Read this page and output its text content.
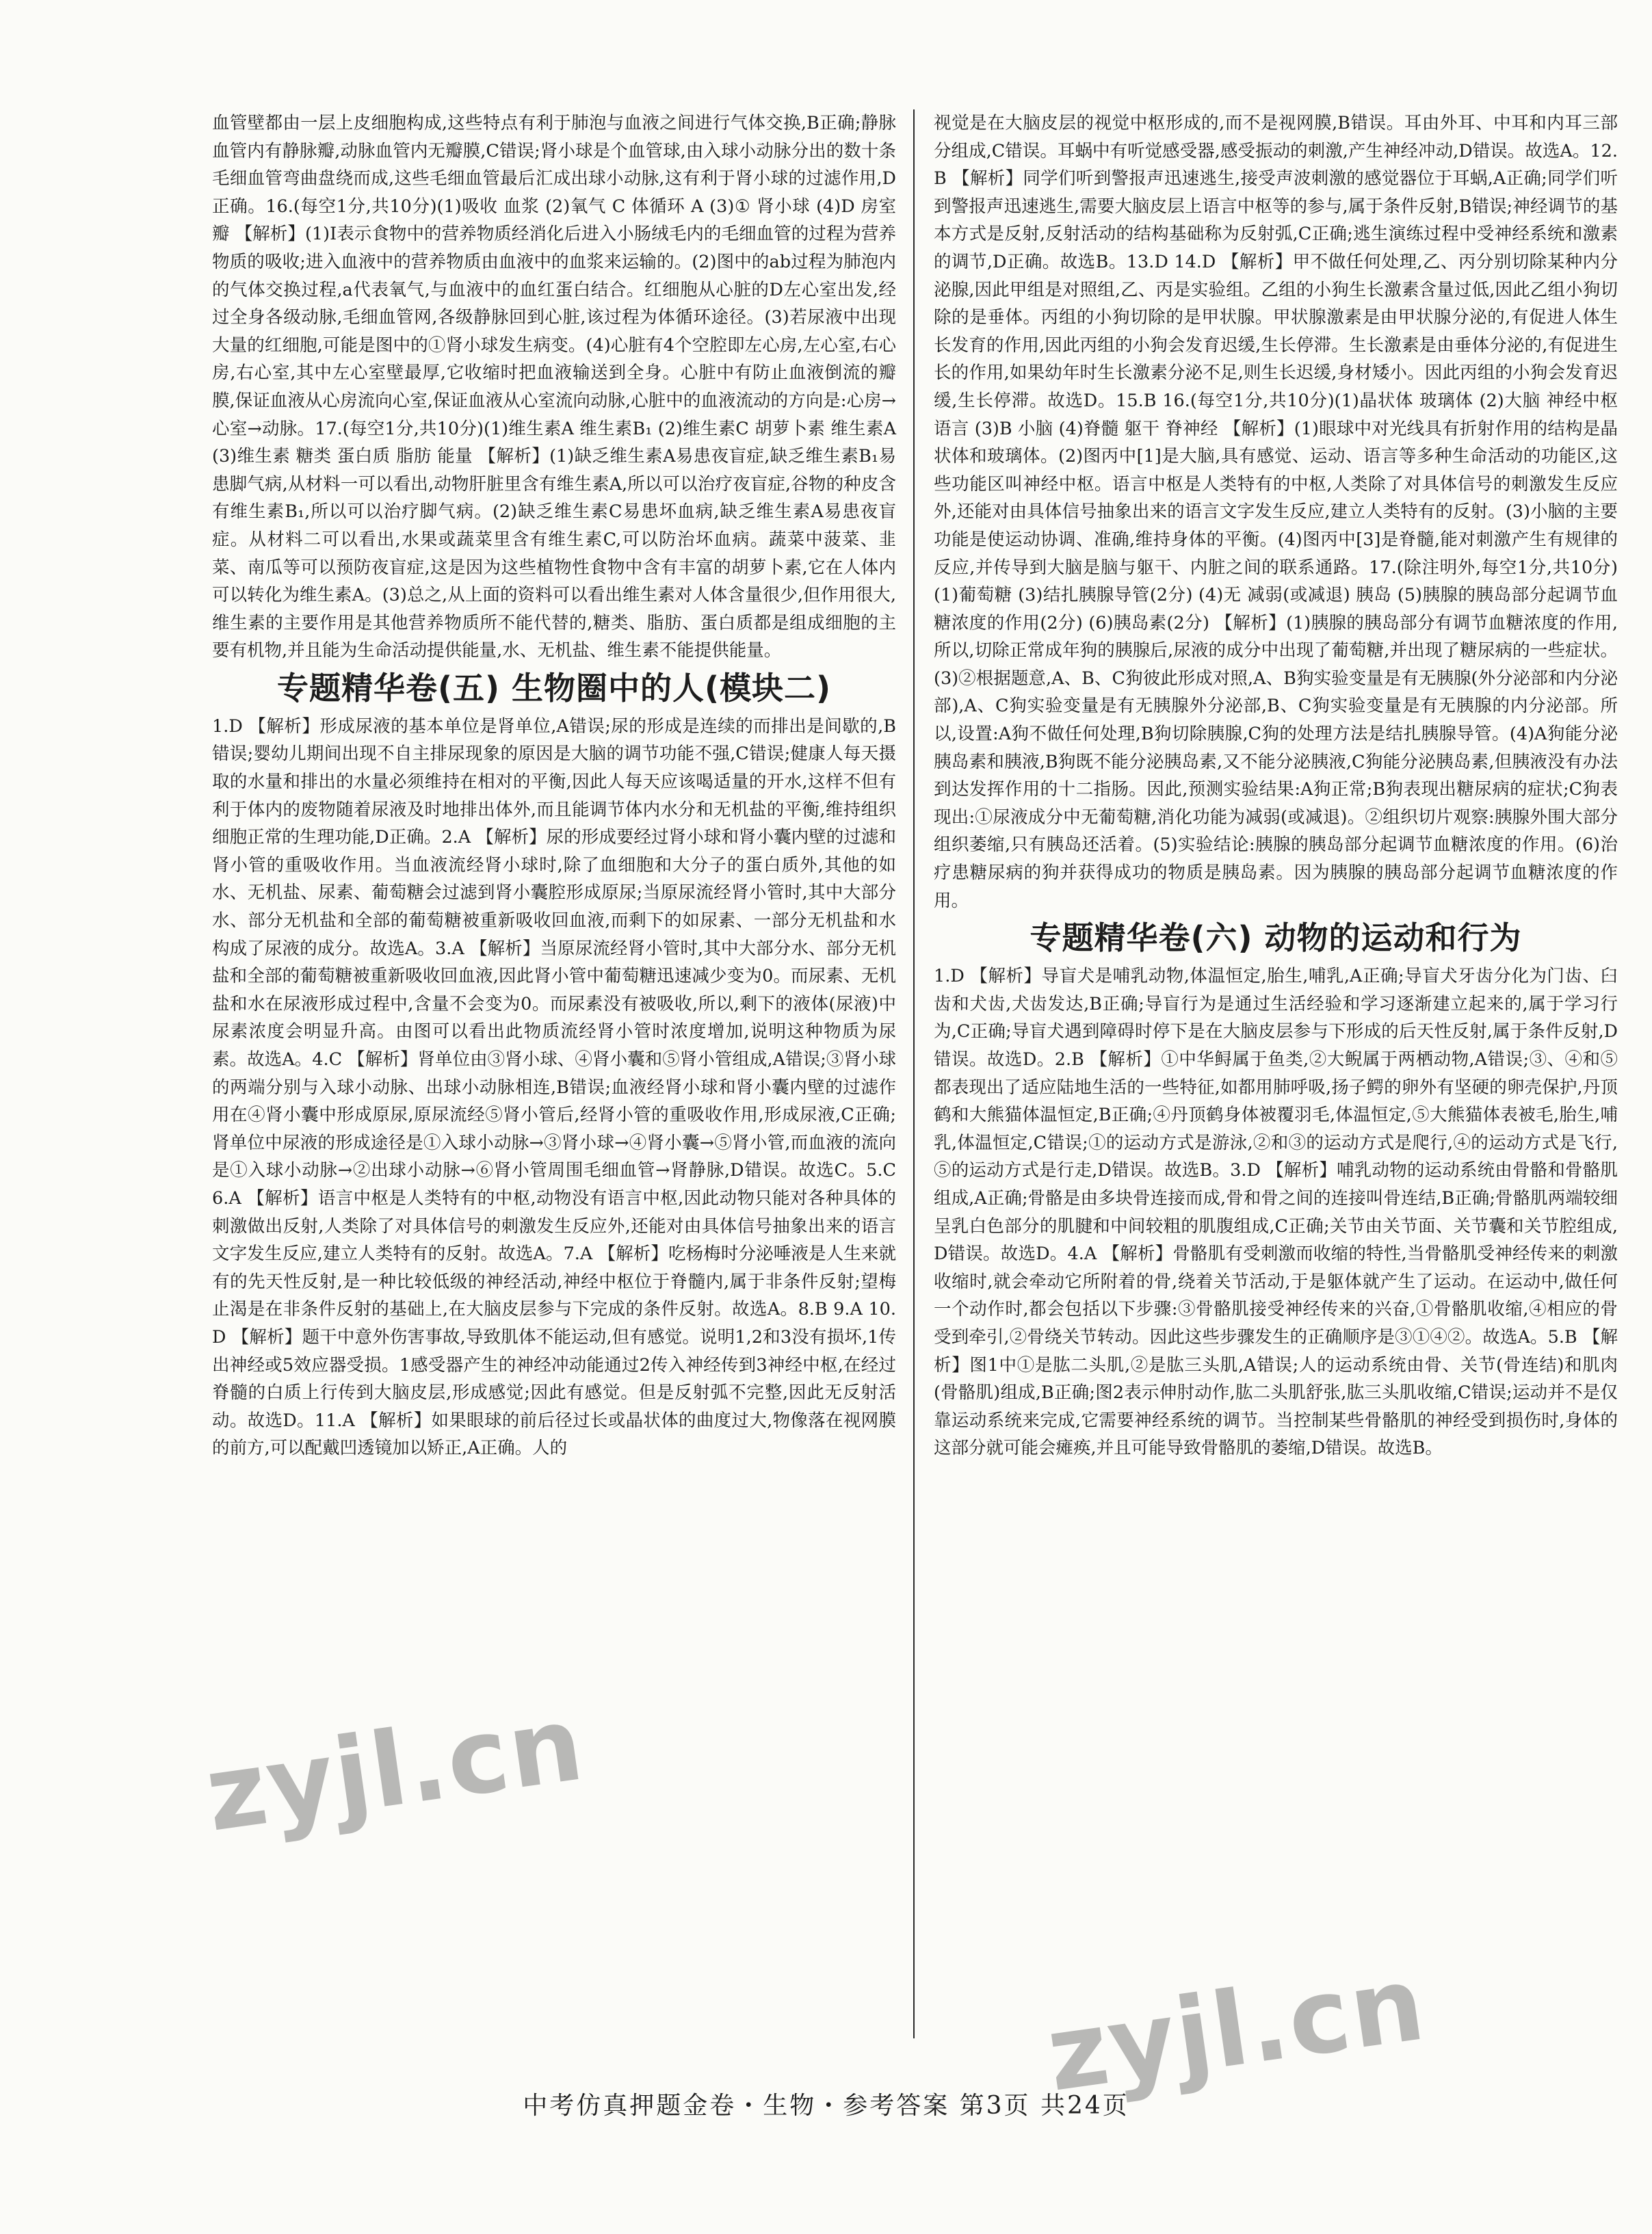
血管壁都由一层上皮细胞构成,这些特点有利于肺泡与血液之间进行气体交换,B正确;静脉血管内有静脉瓣,动脉血管内无瓣膜,C错误;肾小球是个血管球,由入球小动脉分出的数十条毛细血管弯曲盘绕而成,这些毛细血管最后汇成出球小动脉,这有利于肾小球的过滤作用,D正确。16.(每空1分,共10分)(1)吸收 血浆 (2)氧气 C 体循环 A (3)① 肾小球 (4)D 房室瓣 【解析】(1)Ⅰ表示食物中的营养物质经消化后进入小肠绒毛内的毛细血管的过程为营养物质的吸收;进入血液中的营养物质由血液中的血浆来运输的。(2)图中的ab过程为肺泡内的气体交换过程,a代表氧气,与血液中的血红蛋白结合。红细胞从心脏的D左心室出发,经过全身各级动脉,毛细血管网,各级静脉回到心脏,该过程为体循环途径。(3)若尿液中出现大量的红细胞,可能是图中的①肾小球发生病变。(4)心脏有4个空腔即左心房,左心室,右心房,右心室,其中左心室壁最厚,它收缩时把血液输送到全身。心脏中有防止血液倒流的瓣膜,保证血液从心房流向心室,保证血液从心室流向动脉,心脏中的血液流动的方向是:心房→心室→动脉。17.(每空1分,共10分)(1)维生素A 维生素B₁ (2)维生素C 胡萝卜素 维生素A (3)维生素 糖类 蛋白质 脂肪 能量 【解析】(1)缺乏维生素A易患夜盲症,缺乏维生素B₁易患脚气病,从材料一可以看出,动物肝脏里含有维生素A,所以可以治疗夜盲症,谷物的种皮含有维生素B₁,所以可以治疗脚气病。(2)缺乏维生素C易患坏血病,缺乏维生素A易患夜盲症。从材料二可以看出,水果或蔬菜里含有维生素C,可以防治坏血病。蔬菜中菠菜、韭菜、南瓜等可以预防夜盲症,这是因为这些植物性食物中含有丰富的胡萝卜素,它在人体内可以转化为维生素A。(3)总之,从上面的资料可以看出维生素对人体含量很少,但作用很大,维生素的主要作用是其他营养物质所不能代替的,糖类、脂肪、蛋白质都是组成细胞的主要有机物,并且能为生命活动提供能量,水、无机盐、维生素不能提供能量。

专题精华卷(五) 生物圈中的人(模块二)

1.D 【解析】形成尿液的基本单位是肾单位,A错误;尿的形成是连续的而排出是间歇的,B错误;婴幼儿期间出现不自主排尿现象的原因是大脑的调节功能不强,C错误;健康人每天摄取的水量和排出的水量必须维持在相对的平衡,因此人每天应该喝适量的开水,这样不但有利于体内的废物随着尿液及时地排出体外,而且能调节体内水分和无机盐的平衡,维持组织细胞正常的生理功能,D正确。2.A 【解析】尿的形成要经过肾小球和肾小囊内壁的过滤和肾小管的重吸收作用。当血液流经肾小球时,除了血细胞和大分子的蛋白质外,其他的如水、无机盐、尿素、葡萄糖会过滤到肾小囊腔形成原尿;当原尿流经肾小管时,其中大部分水、部分无机盐和全部的葡萄糖被重新吸收回血液,而剩下的如尿素、一部分无机盐和水构成了尿液的成分。故选A。3.A 【解析】当原尿流经肾小管时,其中大部分水、部分无机盐和全部的葡萄糖被重新吸收回血液,因此肾小管中葡萄糖迅速减少变为0。而尿素、无机盐和水在尿液形成过程中,含量不会变为0。而尿素没有被吸收,所以,剩下的液体(尿液)中尿素浓度会明显升高。由图可以看出此物质流经肾小管时浓度增加,说明这种物质为尿素。故选A。4.C 【解析】肾单位由③肾小球、④肾小囊和⑤肾小管组成,A错误;③肾小球的两端分别与入球小动脉、出球小动脉相连,B错误;血液经肾小球和肾小囊内壁的过滤作用在④肾小囊中形成原尿,原尿流经⑤肾小管后,经肾小管的重吸收作用,形成尿液,C正确;肾单位中尿液的形成途径是①入球小动脉→③肾小球→④肾小囊→⑤肾小管,而血液的流向是①入球小动脉→②出球小动脉→⑥肾小管周围毛细血管→肾静脉,D错误。故选C。5.C 6.A 【解析】语言中枢是人类特有的中枢,动物没有语言中枢,因此动物只能对各种具体的刺激做出反射,人类除了对具体信号的刺激发生反应外,还能对由具体信号抽象出来的语言文字发生反应,建立人类特有的反射。故选A。7.A 【解析】吃杨梅时分泌唾液是人生来就有的先天性反射,是一种比较低级的神经活动,神经中枢位于脊髓内,属于非条件反射;望梅止渴是在非条件反射的基础上,在大脑皮层参与下完成的条件反射。故选A。8.B 9.A 10.D 【解析】题干中意外伤害事故,导致肌体不能运动,但有感觉。说明1,2和3没有损坏,1传出神经或5效应器受损。1感受器产生的神经冲动能通过2传入神经传到3神经中枢,在经过脊髓的白质上行传到大脑皮层,形成感觉;因此有感觉。但是反射弧不完整,因此无反射活动。故选D。11.A 【解析】如果眼球的前后径过长或晶状体的曲度过大,物像落在视网膜的前方,可以配戴凹透镜加以矫正,A正确。人的

视觉是在大脑皮层的视觉中枢形成的,而不是视网膜,B错误。耳由外耳、中耳和内耳三部分组成,C错误。耳蜗中有听觉感受器,感受振动的刺激,产生神经冲动,D错误。故选A。12.B 【解析】同学们听到警报声迅速逃生,接受声波刺激的感觉器位于耳蜗,A正确;同学们听到警报声迅速逃生,需要大脑皮层上语言中枢等的参与,属于条件反射,B错误;神经调节的基本方式是反射,反射活动的结构基础称为反射弧,C正确;逃生演练过程中受神经系统和激素的调节,D正确。故选B。13.D 14.D 【解析】甲不做任何处理,乙、丙分别切除某种内分泌腺,因此甲组是对照组,乙、丙是实验组。乙组的小狗生长激素含量过低,因此乙组小狗切除的是垂体。丙组的小狗切除的是甲状腺。甲状腺激素是由甲状腺分泌的,有促进人体生长发育的作用,因此丙组的小狗会发育迟缓,生长停滞。生长激素是由垂体分泌的,有促进生长的作用,如果幼年时生长激素分泌不足,则生长迟缓,身材矮小。因此丙组的小狗会发育迟缓,生长停滞。故选D。15.B 16.(每空1分,共10分)(1)晶状体 玻璃体 (2)大脑 神经中枢 语言 (3)B 小脑 (4)脊髓 躯干 脊神经 【解析】(1)眼球中对光线具有折射作用的结构是晶状体和玻璃体。(2)图丙中[1]是大脑,具有感觉、运动、语言等多种生命活动的功能区,这些功能区叫神经中枢。语言中枢是人类特有的中枢,人类除了对具体信号的刺激发生反应外,还能对由具体信号抽象出来的语言文字发生反应,建立人类特有的反射。(3)小脑的主要功能是使运动协调、准确,维持身体的平衡。(4)图丙中[3]是脊髓,能对刺激产生有规律的反应,并传导到大脑是脑与躯干、内脏之间的联系通路。17.(除注明外,每空1分,共10分)(1)葡萄糖 (3)结扎胰腺导管(2分) (4)无 减弱(或减退) 胰岛 (5)胰腺的胰岛部分起调节血糖浓度的作用(2分) (6)胰岛素(2分) 【解析】(1)胰腺的胰岛部分有调节血糖浓度的作用,所以,切除正常成年狗的胰腺后,尿液的成分中出现了葡萄糖,并出现了糖尿病的一些症状。(3)②根据题意,A、B、C狗彼此形成对照,A、B狗实验变量是有无胰腺(外分泌部和内分泌部),A、C狗实验变量是有无胰腺外分泌部,B、C狗实验变量是有无胰腺的内分泌部。所以,设置:A狗不做任何处理,B狗切除胰腺,C狗的处理方法是结扎胰腺导管。(4)A狗能分泌胰岛素和胰液,B狗既不能分泌胰岛素,又不能分泌胰液,C狗能分泌胰岛素,但胰液没有办法到达发挥作用的十二指肠。因此,预测实验结果:A狗正常;B狗表现出糖尿病的症状;C狗表现出:①尿液成分中无葡萄糖,消化功能为减弱(或减退)。②组织切片观察:胰腺外围大部分组织萎缩,只有胰岛还活着。(5)实验结论:胰腺的胰岛部分起调节血糖浓度的作用。(6)治疗患糖尿病的狗并获得成功的物质是胰岛素。因为胰腺的胰岛部分起调节血糖浓度的作用。

专题精华卷(六) 动物的运动和行为

1.D 【解析】导盲犬是哺乳动物,体温恒定,胎生,哺乳,A正确;导盲犬牙齿分化为门齿、臼齿和犬齿,犬齿发达,B正确;导盲行为是通过生活经验和学习逐渐建立起来的,属于学习行为,C正确;导盲犬遇到障碍时停下是在大脑皮层参与下形成的后天性反射,属于条件反射,D错误。故选D。2.B 【解析】①中华鲟属于鱼类,②大鲵属于两栖动物,A错误;③、④和⑤都表现出了适应陆地生活的一些特征,如都用肺呼吸,扬子鳄的卵外有坚硬的卵壳保护,丹顶鹤和大熊猫体温恒定,B正确;④丹顶鹤身体被覆羽毛,体温恒定,⑤大熊猫体表被毛,胎生,哺乳,体温恒定,C错误;①的运动方式是游泳,②和③的运动方式是爬行,④的运动方式是飞行,⑤的运动方式是行走,D错误。故选B。3.D 【解析】哺乳动物的运动系统由骨骼和骨骼肌组成,A正确;骨骼是由多块骨连接而成,骨和骨之间的连接叫骨连结,B正确;骨骼肌两端较细呈乳白色部分的肌腱和中间较粗的肌腹组成,C正确;关节由关节面、关节囊和关节腔组成,D错误。故选D。4.A 【解析】骨骼肌有受刺激而收缩的特性,当骨骼肌受神经传来的刺激收缩时,就会牵动它所附着的骨,绕着关节活动,于是躯体就产生了运动。在运动中,做任何一个动作时,都会包括以下步骤:③骨骼肌接受神经传来的兴奋,①骨骼肌收缩,④相应的骨受到牵引,②骨绕关节转动。因此这些步骤发生的正确顺序是③①④②。故选A。5.B 【解析】图1中①是肱二头肌,②是肱三头肌,A错误;人的运动系统由骨、关节(骨连结)和肌肉(骨骼肌)组成,B正确;图2表示伸肘动作,肱二头肌舒张,肱三头肌收缩,C错误;运动并不是仅靠运动系统来完成,它需要神经系统的调节。当控制某些骨骼肌的神经受到损伤时,身体的这部分就可能会瘫痪,并且可能导致骨骼肌的萎缩,D错误。故选B。

zyjl.cn
zyjl.cn
中考仿真押题金卷・生物・参考答案 第3页 共24页
